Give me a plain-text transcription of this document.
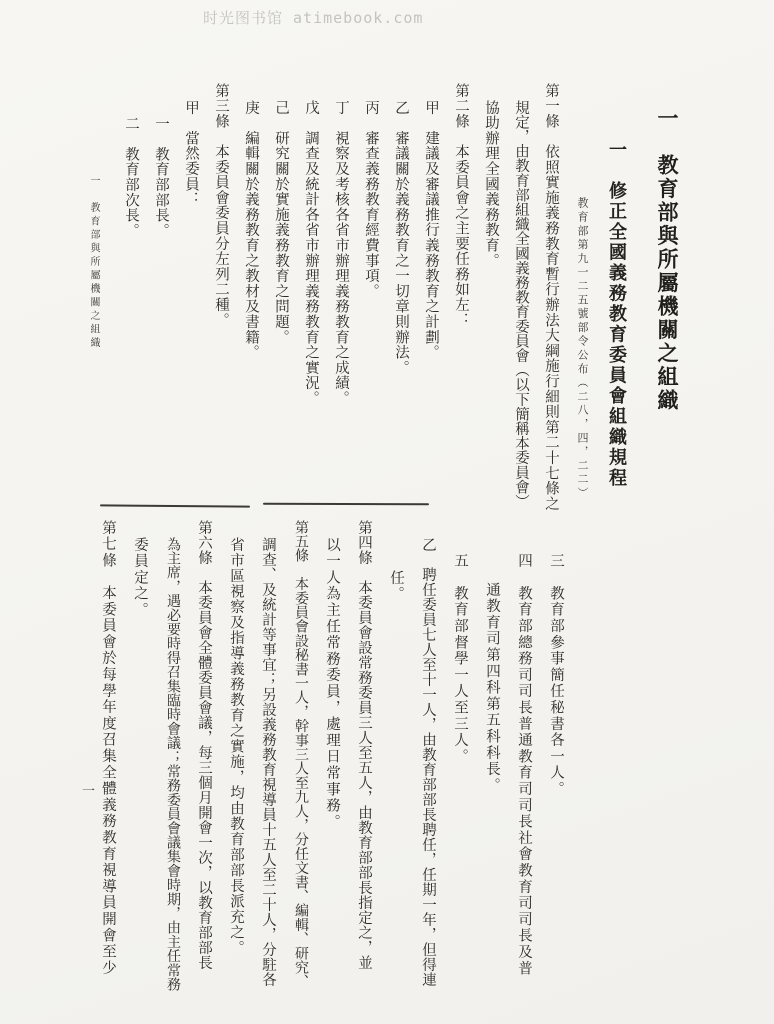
时光图书馆 atimebook.com
一　教育部與所屬機關之組織
一　修正全國義務教育委員會組織規程
教育部第九一二五號部令公布（二八，四，二二）
第一條　依照實施義務教育暫行辦法大綱施行細則第二十七條之
規定，由教育部組織全國義務教育委員會（以下簡稱本委員會）
協助辦理全國義務教育。
第二條　本委員會之主要任務如左：
甲　建議及審議推行義務教育之計劃。
乙　審議關於義務教育之一切章則辦法。
丙　審查義務教育經費事項。
丁　視察及考核各省市辦理義務教育之成績。
戊　調查及統計各省市辦理義務教育之實況。
己　研究關於實施義務教育之問題。
庚　編輯關於義務教育之教材及書籍。
第三條　本委員會委員分左列二種。
甲　當然委員：
一　教育部部長。
二　教育部次長。
三　教育部參事簡任秘書各一人。
四　教育部總務司司長普通教育司司長社會教育司司長及普
通教育司第四科第五科科長。
五　教育部督學一人至三人。
乙　聘任委員七人至十一人，由教育部部長聘任，任期一年，但得連
任。
第四條　本委員會設常務委員三人至五人，由教育部部長指定之，並
以一人為主任常務委員，處理日常事務。
第五條　本委員會設秘書一人，幹事三人至九人，分任文書、編輯、研究、
調查、及統計等事宜；另設義務教育視導員十五人至二十人，分駐各
省市區視察及指導義務教育之實施，均由教育部部長派充之。
第六條　本委員會全體委員會議，每三個月開會一次，以教育部部長
為主席，遇必要時得召集臨時會議；常務委員會議集會時期，由主任常務
委員定之。
第七條　本委員會於每學年度召集全體義務教育視導員開會至少
一　教育部與所屬機關之組織
一
